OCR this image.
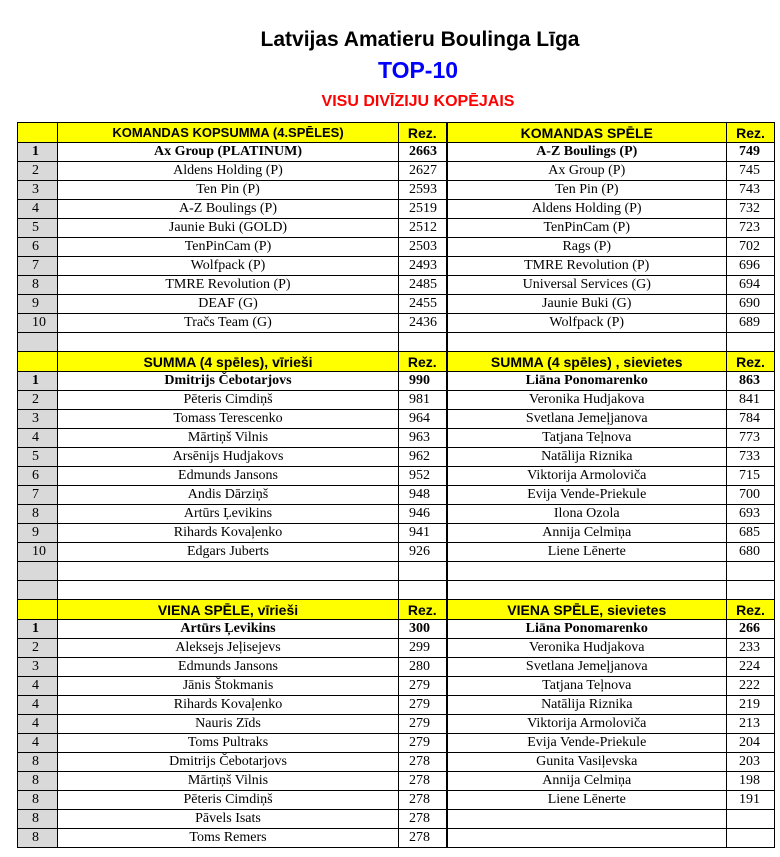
Latvijas Amatieru Boulinga Līga
TOP-10
VISU DIVĪZIJU KOPĒJAIS
	KOMANDAS KOPSUMMA (4.SPĒLES)	Rez.	KOMANDAS SPĒLE	Rez.
1	Ax Group (PLATINUM)	2663	A-Z Boulings (P)	749
2	Aldens Holding (P)	2627	Ax Group (P)	745
3	Ten Pin (P)	2593	Ten Pin (P)	743
4	A-Z Boulings (P)	2519	Aldens Holding (P)	732
5	Jaunie Buki (GOLD)	2512	TenPinCam (P)	723
6	TenPinCam (P)	2503	Rags (P)	702
7	Wolfpack (P)	2493	TMRE Revolution (P)	696
8	TMRE Revolution (P)	2485	Universal Services (G)	694
9	DEAF (G)	2455	Jaunie Buki (G)	690
10	Tračs Team (G)	2436	Wolfpack (P)	689

	SUMMA (4 spēles), vīrieši	Rez.	SUMMA (4 spēles) , sievietes	Rez.
1	Dmitrijs Čebotarjovs	990	Liāna Ponomarenko	863
2	Pēteris Cimdiņš	981	Veronika Hudjakova	841
3	Tomass Terescenko	964	Svetlana Jemeļjanova	784
4	Mārtiņš Vilnis	963	Tatjana Teļnova	773
5	Arsēnijs Hudjakovs	962	Natālija Riznika	733
6	Edmunds Jansons	952	Viktorija Armoloviča	715
7	Andis Dārziņš	948	Evija Vende-Priekule	700
8	Artūrs Ļevikins	946	Ilona Ozola	693
9	Rihards Kovaļenko	941	Annija Celmiņa	685
10	Edgars Juberts	926	Liene Lēnerte	680

	VIENA SPĒLE, vīrieši	Rez.	VIENA SPĒLE, sievietes	Rez.
1	Artūrs Ļevikins	300	Liāna Ponomarenko	266
2	Aleksejs Jeļisejevs	299	Veronika Hudjakova	233
3	Edmunds Jansons	280	Svetlana Jemeļjanova	224
4	Jānis Štokmanis	279	Tatjana Teļnova	222
4	Rihards Kovaļenko	279	Natālija Riznika	219
4	Nauris Zīds	279	Viktorija Armoloviča	213
4	Toms Pultraks	279	Evija Vende-Priekule	204
8	Dmitrijs Čebotarjovs	278	Gunita Vasiļevska	203
8	Mārtiņš Vilnis	278	Annija Celmiņa	198
8	Pēteris Cimdiņš	278	Liene Lēnerte	191
8	Pāvels Isats	278		
8	Toms Remers	278		
